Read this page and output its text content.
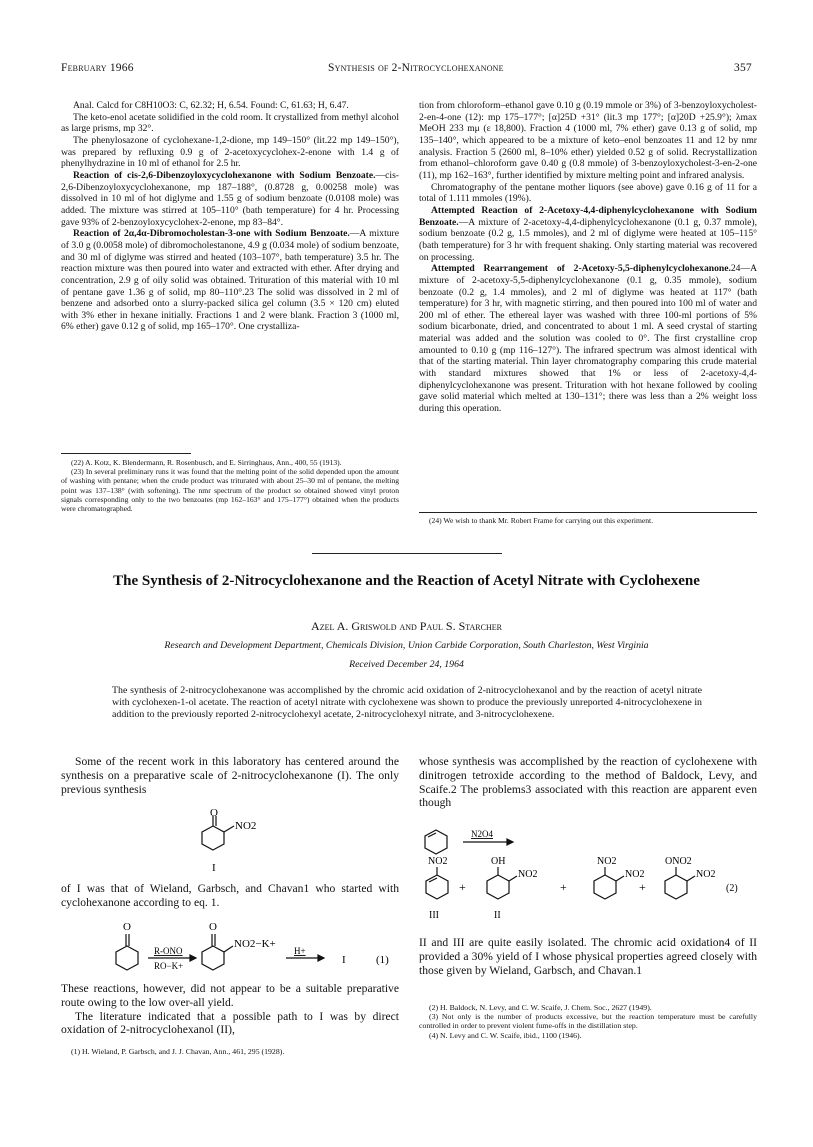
February 1966	Synthesis of 2-Nitrocyclohexanone	357

Anal. Calcd for C8H10O3: C, 62.32; H, 6.54. Found: C, 61.63; H, 6.47.

The keto-enol acetate solidified in the cold room. It crystallized from methyl alcohol as large prisms, mp 32°.

The phenylosazone of cyclohexane-1,2-dione, mp 149–150° (lit.22 mp 149–150°), was prepared by refluxing 0.9 g of 2-acetoxycyclohex-2-enone with 1.4 g of phenylhydrazine in 10 ml of ethanol for 2.5 hr.

Reaction of cis-2,6-Dibenzoyloxycyclohexanone with Sodium Benzoate.—cis-2,6-Dibenzoyloxycyclohexanone, mp 187–188°, (0.8728 g, 0.00258 mole) was dissolved in 10 ml of hot diglyme and 1.55 g of sodium benzoate (0.0108 mole) was added. The mixture was stirred at 105–110° (bath temperature) for 4 hr. Processing gave 93% of 2-benzoyloxycyclohex-2-enone, mp 83–84°.

Reaction of 2α,4α-Dibromocholestan-3-one with Sodium Benzoate.—A mixture of 3.0 g (0.0058 mole) of dibromocholestanone, 4.9 g (0.034 mole) of sodium benzoate, and 30 ml of diglyme was stirred and heated (103–107°, bath temperature) 3.5 hr. The reaction mixture was then poured into water and extracted with ether. After drying and concentration, 2.9 g of oily solid was obtained. Trituration of this material with 10 ml of pentane gave 1.36 g of solid, mp 80–110°.23 The solid was dissolved in 2 ml of benzene and adsorbed onto a slurry-packed silica gel column (3.5 × 120 cm) eluted with 3% ether in hexane initially. Fractions 1 and 2 were blank. Fraction 3 (1000 ml, 6% ether) gave 0.12 g of solid, mp 165–170°. One crystalliza-

(22) A. Kotz, K. Blendermann, R. Rosenbusch, and E. Sirringhaus, Ann., 400, 55 (1913).

(23) In several preliminary runs it was found that the melting point of the solid depended upon the amount of washing with pentane; when the crude product was triturated with about 25–30 ml of pentane, the melting point was 137–138° (with softening). The nmr spectrum of the product so obtained showed vinyl proton signals corresponding only to the two benzoates (mp 162–163° and 175–177°) obtained when the products were chromatographed.

tion from chloroform–ethanol gave 0.10 g (0.19 mmole or 3%) of 3-benzoyloxycholest-2-en-4-one (12): mp 175–177°; [α]25D +31° (lit.3 mp 177°; [α]20D +25.9°); λmax MeOH 233 mμ (ε 18,800). Fraction 4 (1000 ml, 7% ether) gave 0.13 g of solid, mp 135–140°, which appeared to be a mixture of keto–enol benzoates 11 and 12 by nmr analysis. Fraction 5 (2600 ml, 8–10% ether) yielded 0.52 g of solid. Recrystallization from ethanol–chloroform gave 0.40 g (0.8 mmole) of 3-benzoyloxycholest-3-en-2-one (11), mp 162–163°, further identified by mixture melting point and infrared analysis.

Chromatography of the pentane mother liquors (see above) gave 0.16 g of 11 for a total of 1.111 mmoles (19%).

Attempted Reaction of 2-Acetoxy-4,4-diphenylcyclohexanone with Sodium Benzoate.—A mixture of 2-acetoxy-4,4-diphenylcyclohexanone (0.1 g, 0.37 mmole), sodium benzoate (0.2 g, 1.5 mmoles), and 2 ml of diglyme were heated at 105–115° (bath temperature) for 3 hr with frequent shaking. Only starting material was recovered on processing.

Attempted Rearrangement of 2-Acetoxy-5,5-diphenylcyclohexanone.24—A mixture of 2-acetoxy-5,5-diphenylcyclohexanone (0.1 g, 0.35 mmole), sodium benzoate (0.2 g, 1.4 mmoles), and 2 ml of diglyme was heated at 117° (bath temperature) for 3 hr, with magnetic stirring, and then poured into 100 ml of water and 200 ml of ether. The ethereal layer was washed with three 100-ml portions of 5% sodium bicarbonate, dried, and concentrated to about 1 ml. A seed crystal of starting material was added and the solution was cooled to 0°. The first crystalline crop amounted to 0.10 g (mp 116–127°). The infrared spectrum was almost identical with that of the starting material. Thin layer chromatography comparing this crude material with standard mixtures showed that 1% or less of 2-acetoxy-4,4-diphenylcyclohexanone was present. Trituration with hot hexane followed by cooling gave solid material which melted at 130–131°; there was less than a 2% weight loss during this operation.

(24) We wish to thank Mr. Robert Frame for carrying out this experiment.

The Synthesis of 2-Nitrocyclohexanone and the Reaction of Acetyl Nitrate with Cyclohexene
Azel A. Griswold and Paul S. Starcher
Research and Development Department, Chemicals Division, Union Carbide Corporation, South Charleston, West Virginia
Received December 24, 1964
The synthesis of 2-nitrocyclohexanone was accomplished by the chromic acid oxidation of 2-nitrocyclohexanol and by the reaction of acetyl nitrate with cyclohexen-1-ol acetate. The reaction of acetyl nitrate with cyclohexene was shown to produce the previously unreported 4-nitrocyclohexene in addition to the previously reported 2-nitrocyclohexyl acetate, 2-nitrocyclohexyl nitrate, and 3-nitrocyclohexene.

Some of the recent work in this laboratory has centered around the synthesis on a preparative scale of 2-nitrocyclohexanone (I). The only previous synthesis

O
NO2
I

of I was that of Wieland, Garbsch, and Chavan1 who started with cyclohexanone according to eq. 1.

O	O
R-ONO
RO−K+
NO2−K+
H+
I	(1)

These reactions, however, did not appear to be a suitable preparative route owing to the low over-all yield.

The literature indicated that a possible path to I was by direct oxidation of 2-nitrocyclohexanol (II),

(1) H. Wieland, P. Garbsch, and J. J. Chavan, Ann., 461, 295 (1928).

whose synthesis was accomplished by the reaction of cyclohexene with dinitrogen tetroxide according to the method of Baldock, Levy, and Scaife.2 The problems3 associated with this reaction are apparent even though

N2O4
NO2	OH
NO2
NO2
NO2
ONO2
NO2
+	+	+	(2)
III	II

II and III are quite easily isolated. The chromic acid oxidation4 of II provided a 30% yield of I whose physical properties agreed closely with those given by Wieland, Garbsch, and Chavan.1

(2) H. Baldock, N. Levy, and C. W. Scaife, J. Chem. Soc., 2627 (1949).

(3) Not only is the number of products excessive, but the reaction temperature must be carefully controlled in order to prevent violent fume-offs in the distillation step.

(4) N. Levy and C. W. Scaife, ibid., 1100 (1946).
